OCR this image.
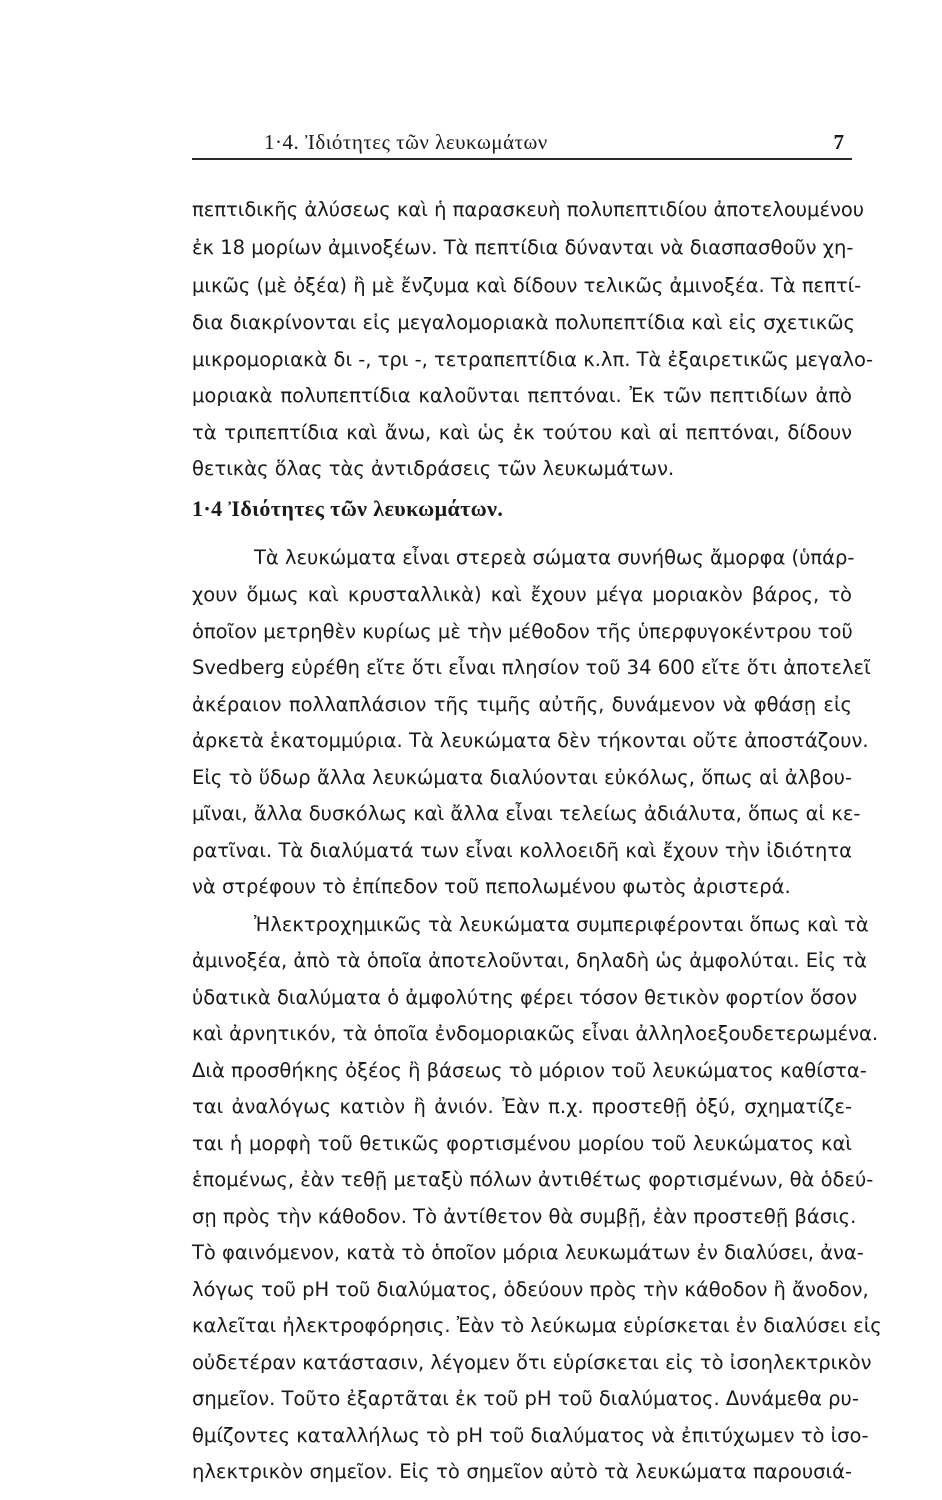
1·4. Ἰδιότητες τῶν λευκωμάτων	7
πεπτιδικῆς ἀλύσεως καὶ ἡ παρασκευὴ πολυπεπτιδίου ἀποτελουμένου
ἐκ 18 μορίων ἀμινοξέων. Τὰ πεπτίδια δύνανται νὰ διασπασθοῦν χη-
μικῶς (μὲ ὀξέα) ἢ μὲ ἔνζυμα καὶ δίδουν τελικῶς ἀμινοξέα. Τὰ πεπτί-
δια διακρίνονται εἰς μεγαλομοριακὰ πολυπεπτίδια καὶ εἰς σχετικῶς
μικρομοριακὰ δι -, τρι -, τετραπεπτίδια κ.λπ. Τὰ ἐξαιρετικῶς μεγαλο-
μοριακὰ πολυπεπτίδια καλοῦνται πεπτόναι. Ἐκ τῶν πεπτιδίων ἀπὸ
τὰ τριπεπτίδια καὶ ἄνω, καὶ ὡς ἐκ τούτου καὶ αἱ πεπτόναι, δίδουν
θετικὰς ὅλας τὰς ἀντιδράσεις τῶν λευκωμάτων.
1·4 Ἰδιότητες τῶν λευκωμάτων.
Τὰ λευκώματα εἶναι στερεὰ σώματα συνήθως ἄμορφα (ὑπάρ-
χουν ὅμως καὶ κρυσταλλικὰ) καὶ ἔχουν μέγα μοριακὸν βάρος, τὸ
ὁποῖον μετρηθὲν κυρίως μὲ τὴν μέθοδον τῆς ὑπερφυγοκέντρου τοῦ
Svedberg εὑρέθη εἴτε ὅτι εἶναι πλησίον τοῦ 34 600 εἴτε ὅτι ἀποτελεῖ
ἀκέραιον πολλαπλάσιον τῆς τιμῆς αὐτῆς, δυνάμενον νὰ φθάσῃ εἰς
ἀρκετὰ ἑκατομμύρια. Τὰ λευκώματα δὲν τήκονται οὔτε ἀποστάζουν.
Εἰς τὸ ὕδωρ ἄλλα λευκώματα διαλύονται εὐκόλως, ὅπως αἱ ἀλβου-
μῖναι, ἄλλα δυσκόλως καὶ ἄλλα εἶναι τελείως ἀδιάλυτα, ὅπως αἱ κε-
ρατῖναι. Τὰ διαλύματά των εἶναι κολλοειδῆ καὶ ἔχουν τὴν ἰδιότητα
νὰ στρέφουν τὸ ἐπίπεδον τοῦ πεπολωμένου φωτὸς ἀριστερά.
Ἠλεκτροχημικῶς τὰ λευκώματα συμπεριφέρονται ὅπως καὶ τὰ
ἀμινοξέα, ἀπὸ τὰ ὁποῖα ἀποτελοῦνται, δηλαδὴ ὡς ἀμφολύται. Εἰς τὰ
ὑδατικὰ διαλύματα ὁ ἀμφολύτης φέρει τόσον θετικὸν φορτίον ὅσον
καὶ ἀρνητικόν, τὰ ὁποῖα ἐνδομοριακῶς εἶναι ἀλληλοεξουδετερωμένα.
Διὰ προσθήκης ὀξέος ἢ βάσεως τὸ μόριον τοῦ λευκώματος καθίστα-
ται ἀναλόγως κατιὸν ἢ ἀνιόν. Ἐὰν π.χ. προστεθῇ ὀξύ, σχηματίζε-
ται ἡ μορφὴ τοῦ θετικῶς φορτισμένου μορίου τοῦ λευκώματος καὶ
ἑπομένως, ἐὰν τεθῇ μεταξὺ πόλων ἀντιθέτως φορτισμένων, θὰ ὁδεύ-
σῃ πρὸς τὴν κάθοδον. Τὸ ἀντίθετον θὰ συμβῇ, ἐὰν προστεθῇ βάσις.
Τὸ φαινόμενον, κατὰ τὸ ὁποῖον μόρια λευκωμάτων ἐν διαλύσει, ἀνα-
λόγως τοῦ pH τοῦ διαλύματος, ὁδεύουν πρὸς τὴν κάθοδον ἢ ἄνοδον,
καλεῖται ἠλεκτροφόρησις. Ἐὰν τὸ λεύκωμα εὑρίσκεται ἐν διαλύσει εἰς
οὐδετέραν κατάστασιν, λέγομεν ὅτι εὑρίσκεται εἰς τὸ ἰσοηλεκτρικὸν
σημεῖον. Τοῦτο ἐξαρτᾶται ἐκ τοῦ pH τοῦ διαλύματος. Δυνάμεθα ρυ-
θμίζοντες καταλλήλως τὸ pH τοῦ διαλύματος νὰ ἐπιτύχωμεν τὸ ἰσο-
ηλεκτρικὸν σημεῖον. Εἰς τὸ σημεῖον αὐτὸ τὰ λευκώματα παρουσιά-
